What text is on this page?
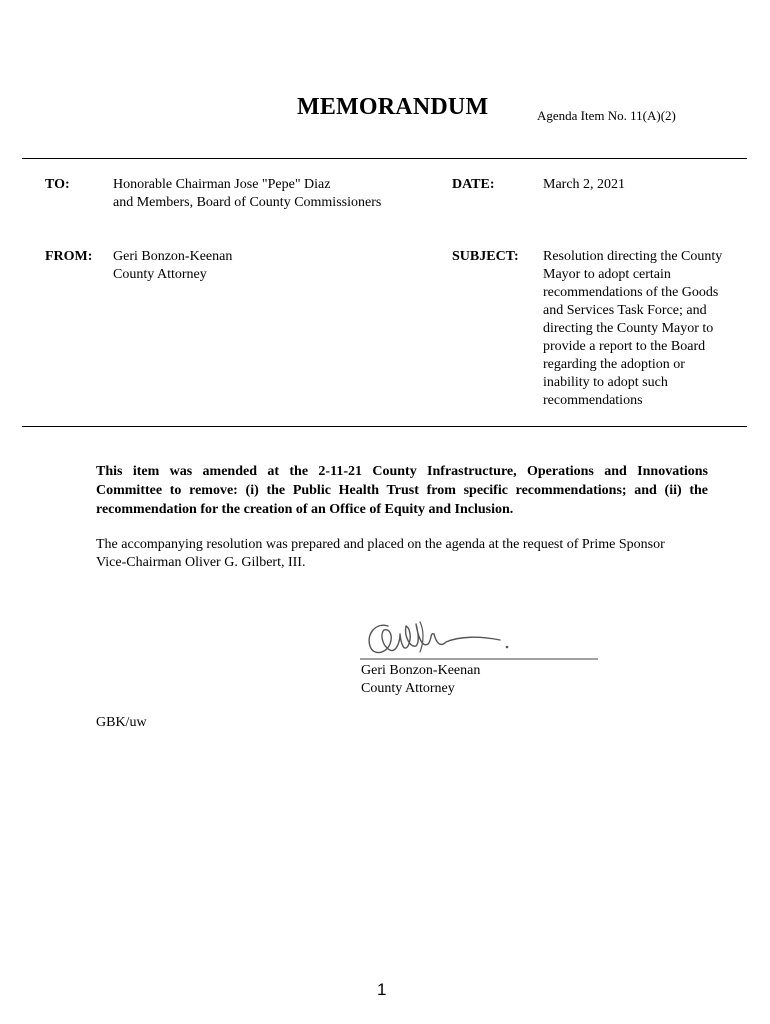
MEMORANDUM	Agenda Item No. 11(A)(2)
TO:	Honorable Chairman Jose "Pepe" Diaz
and Members, Board of County Commissioners
DATE:	March 2, 2021
FROM: Geri Bonzon-Keenan
County Attorney
SUBJECT: Resolution directing the County
Mayor to adopt certain
recommendations of the Goods
and Services Task Force; and
directing the County Mayor to
provide a report to the Board
regarding the adoption or
inability to adopt such
recommendations
This item was amended at the 2-11-21 County Infrastructure, Operations and Innovations
Committee to remove: (i) the Public Health Trust from specific recommendations; and (ii) the
recommendation for the creation of an Office of Equity and Inclusion.
The accompanying resolution was prepared and placed on the agenda at the request of Prime Sponsor
Vice-Chairman Oliver G. Gilbert, III.
Geri Bonzon-Keenan
County Attorney
GBK/uw
1
